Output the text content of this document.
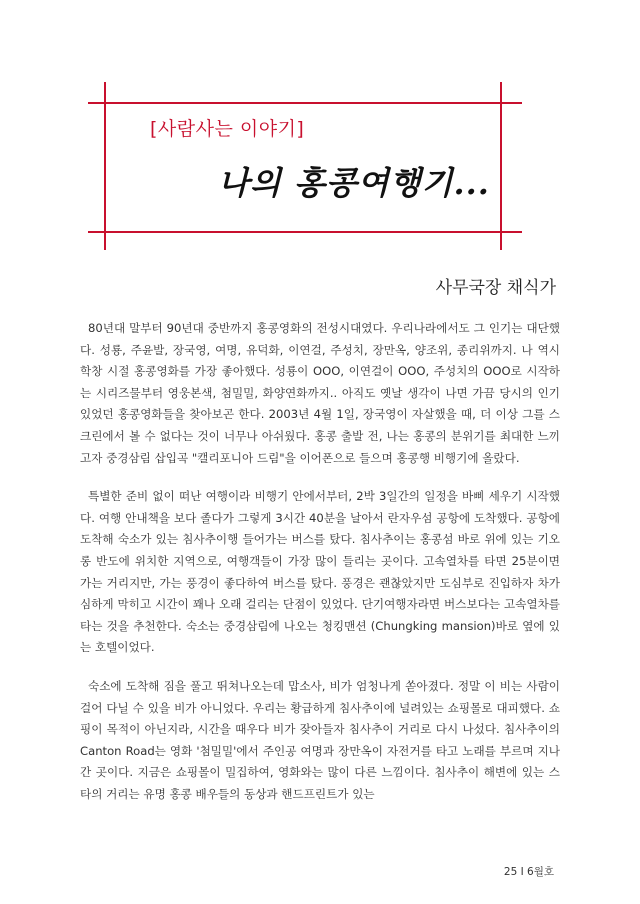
[사람사는 이야기]
나의 홍콩여행기...
사무국장 채식가

80년대 말부터 90년대 중반까지 홍콩영화의 전성시대였다. 우리나라에서도 그 인기는 대단했다. 성룡, 주윤발, 장국영, 여명, 유덕화, 이연걸, 주성치, 장만옥, 양조위, 종리위까지. 나 역시 학창 시절 홍콩영화를 가장 좋아했다. 성룡이 OOO, 이연걸이 OOO, 주성치의 OOO로 시작하는 시리즈물부터 영웅본색, 첨밀밀, 화양연화까지.. 아직도 옛날 생각이 나면 가끔 당시의 인기 있었던 홍콩영화들을 찾아보곤 한다. 2003년 4월 1일, 장국영이 자살했을 때, 더 이상 그를 스크린에서 볼 수 없다는 것이 너무나 아쉬웠다. 홍콩 출발 전, 나는 홍콩의 분위기를 최대한 느끼고자 중경삼림 삽입곡 "캘리포니아 드림"을 이어폰으로 들으며 홍콩행 비행기에 올랐다.

특별한 준비 없이 떠난 여행이라 비행기 안에서부터, 2박 3일간의 일정을 바삐 세우기 시작했다. 여행 안내책을 보다 졸다가 그렇게 3시간 40분을 날아서 란자우섬 공항에 도착했다. 공항에 도착해 숙소가 있는 침사추이행 들어가는 버스를 탔다. 침사추이는 홍콩섬 바로 위에 있는 기오롱 반도에 위치한 지역으로, 여행객들이 가장 많이 들리는 곳이다. 고속열차를 타면 25분이면 가는 거리지만, 가는 풍경이 좋다하여 버스를 탔다. 풍경은 괜찮았지만 도심부로 진입하자 차가 심하게 막히고 시간이 꽤나 오래 걸리는 단점이 있었다. 단기여행자라면 버스보다는 고속열차를 타는 것을 추천한다. 숙소는 중경삼림에 나오는 청킹맨션 (Chungking mansion)바로 옆에 있는 호텔이었다.

숙소에 도착해 짐을 풀고 뛰쳐나오는데 맙소사, 비가 엄청나게 쏟아졌다. 정말 이 비는 사람이 걸어 다닐 수 있을 비가 아니었다. 우리는 황급하게 침사추이에 널려있는 쇼핑몰로 대피했다. 쇼핑이 목적이 아닌지라, 시간을 때우다 비가 잦아들자 침사추이 거리로 다시 나섰다. 침사추이의 Canton Road는 영화 '첨밀밀'에서 주인공 여명과 장만옥이 자전거를 타고 노래를 부르며 지나간 곳이다. 지금은 쇼핑몰이 밀집하여, 영화와는 많이 다른 느낌이다. 침사추이 해변에 있는 스타의 거리는 유명 홍콩 배우들의 동상과 핸드프린트가 있는

25 I 6월호
